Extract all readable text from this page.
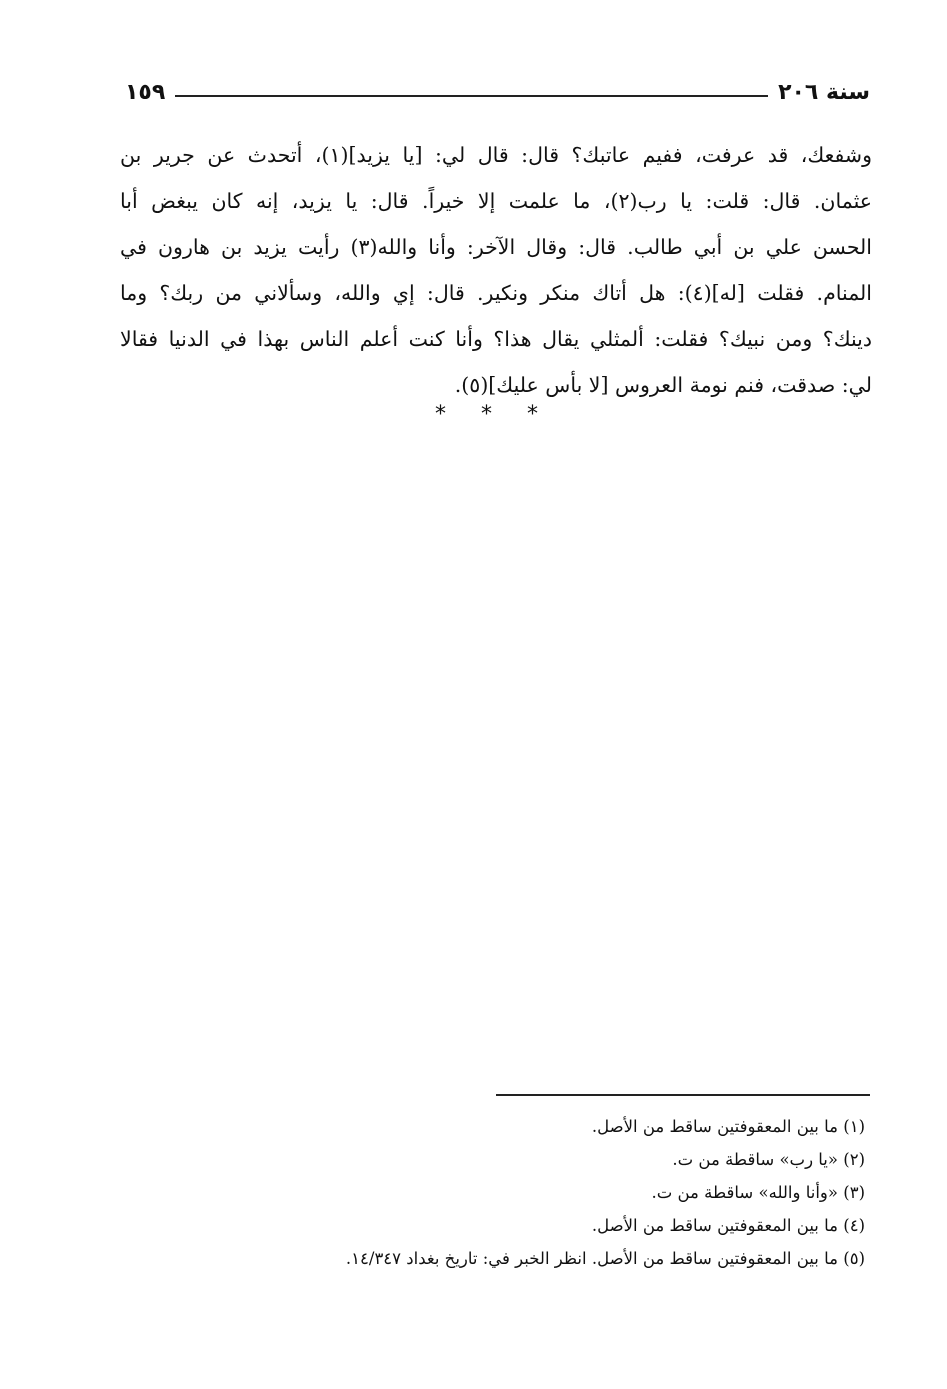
سنة ٢٠٦
١٥٩
وشفعك، قد عرفت، ففيم عاتبك؟ قال: قال لي: [يا يزيد](١)، أتحدث عن جرير بن
عثمان. قال: قلت: يا رب(٢)، ما علمت إلا خيراً. قال: يا يزيد، إنه كان يبغض أبا
الحسن علي بن أبي طالب. قال: وقال الآخر: وأنا والله(٣) رأيت يزيد بن هارون في
المنام. فقلت [له](٤): هل أتاك منكر ونكير. قال: إي والله، وسألاني من ربك؟ وما
دينك؟ ومن نبيك؟ فقلت: ألمثلي يقال هذا؟ وأنا كنت أعلم الناس بهذا في الدنيا فقالا
لي: صدقت، فنم نومة العروس [لا بأس عليك](٥).
* * *
(١) ما بين المعقوفتين ساقط من الأصل.
(٢) «يا رب» ساقطة من ت.
(٣) «وأنا والله» ساقطة من ت.
(٤) ما بين المعقوفتين ساقط من الأصل.
(٥) ما بين المعقوفتين ساقط من الأصل. انظر الخبر في: تاريخ بغداد ١٤/٣٤٧.
